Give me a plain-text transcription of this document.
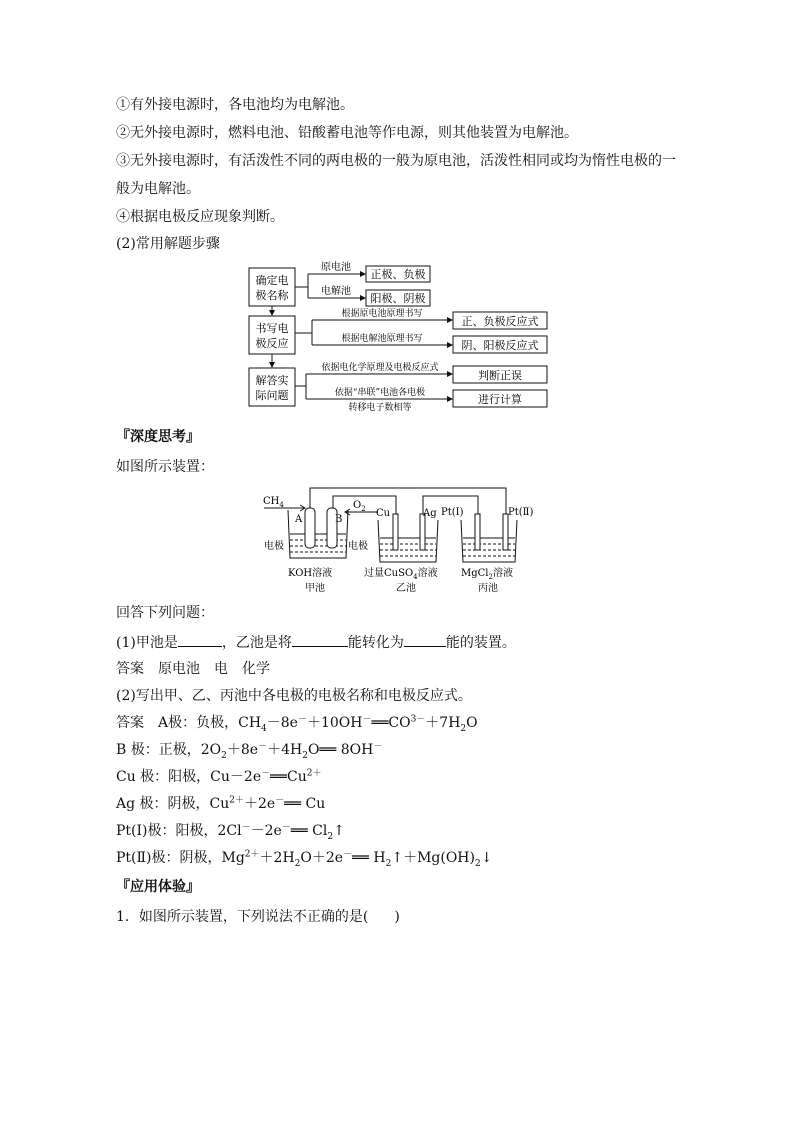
①有外接电源时，各电池均为电解池。
②无外接电源时，燃料电池、铅酸蓄电池等作电源，则其他装置为电解池。
③无外接电源时，有活泼性不同的两电极的一般为原电池，活泼性相同或均为惰性电极的一
般为电解池。
④根据电极反应现象判断。
(2)常用解题步骤
确定电
极名称
书写电
极反应
解答实
际问题
原电池
电解池
正极、负极
阳极、阴极
根据原电池原理书写
根据电解池原理书写
正、负极反应式
阴、阳极反应式
依据电化学原理及电极反应式
依据“串联”电池各电极
转移电子数相等
判断正误
进行计算
『深度思考』
如图所示装置：
$CH_4$	$O_2$
A	B
电极	电极
KOH溶液
甲池
Cu	Ag
过量CuSO$_4$溶液
乙池
Pt(Ⅰ)	Pt(Ⅱ)
MgCl$_2$溶液
丙池
回答下列问题：
(1)甲池是	，乙池是将	能转化为	能的装置。
答案　 原电池　电　化学
(2)写出甲、乙、丙池中各电极的电极名称和电极反应式。
答案　 A极：负极，$CH_4-8e^-+10OH^-══CO^{3-}+7H_2O$
B 极：正极，$2O_2+8e^-+4H_2O══$ 8OH－
Cu 极：阳极，$Cu-2e^-══Cu^{2+}$
Ag 极：阴极，$Cu^{2+}+2e^-══$ Cu
Pt(Ⅰ)极：阳极，2Cl－－2e－══ $Cl_2↑$
Pt(Ⅱ)极：阴极，$Mg^{2+}+2H_2O+2e^-══$ $H_2↑+Mg(OH)_2↓$
『应用体验』
1．如图所示装置，下列说法不正确的是( )
